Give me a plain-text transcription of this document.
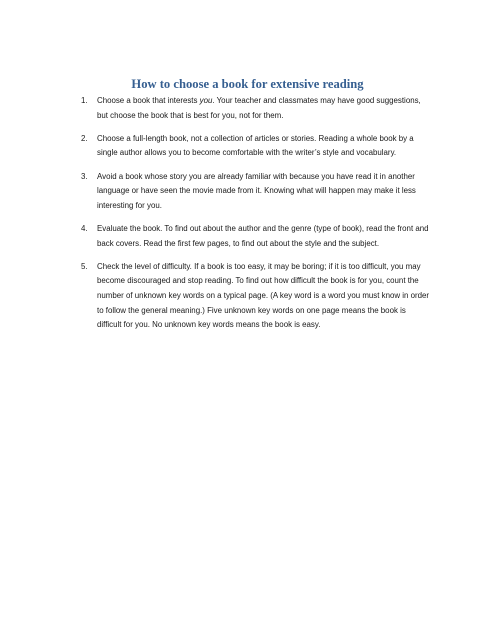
How to choose a book for extensive reading
1. Choose a book that interests you. Your teacher and classmates may have good suggestions, but choose the book that is best for you, not for them.
2. Choose a full-length book, not a collection of articles or stories. Reading a whole book by a single author allows you to become comfortable with the writer’s style and vocabulary.
3. Avoid a book whose story you are already familiar with because you have read it in another language or have seen the movie made from it. Knowing what will happen may make it less interesting for you.
4. Evaluate the book. To find out about the author and the genre (type of book), read the front and back covers. Read the first few pages, to find out about the style and the subject.
5. Check the level of difficulty. If a book is too easy, it may be boring; if it is too difficult, you may become discouraged and stop reading. To find out how difficult the book is for you, count the number of unknown key words on a typical page. (A key word is a word you must know in order to follow the general meaning.) Five unknown key words on one page means the book is difficult for you. No unknown key words means the book is easy.
